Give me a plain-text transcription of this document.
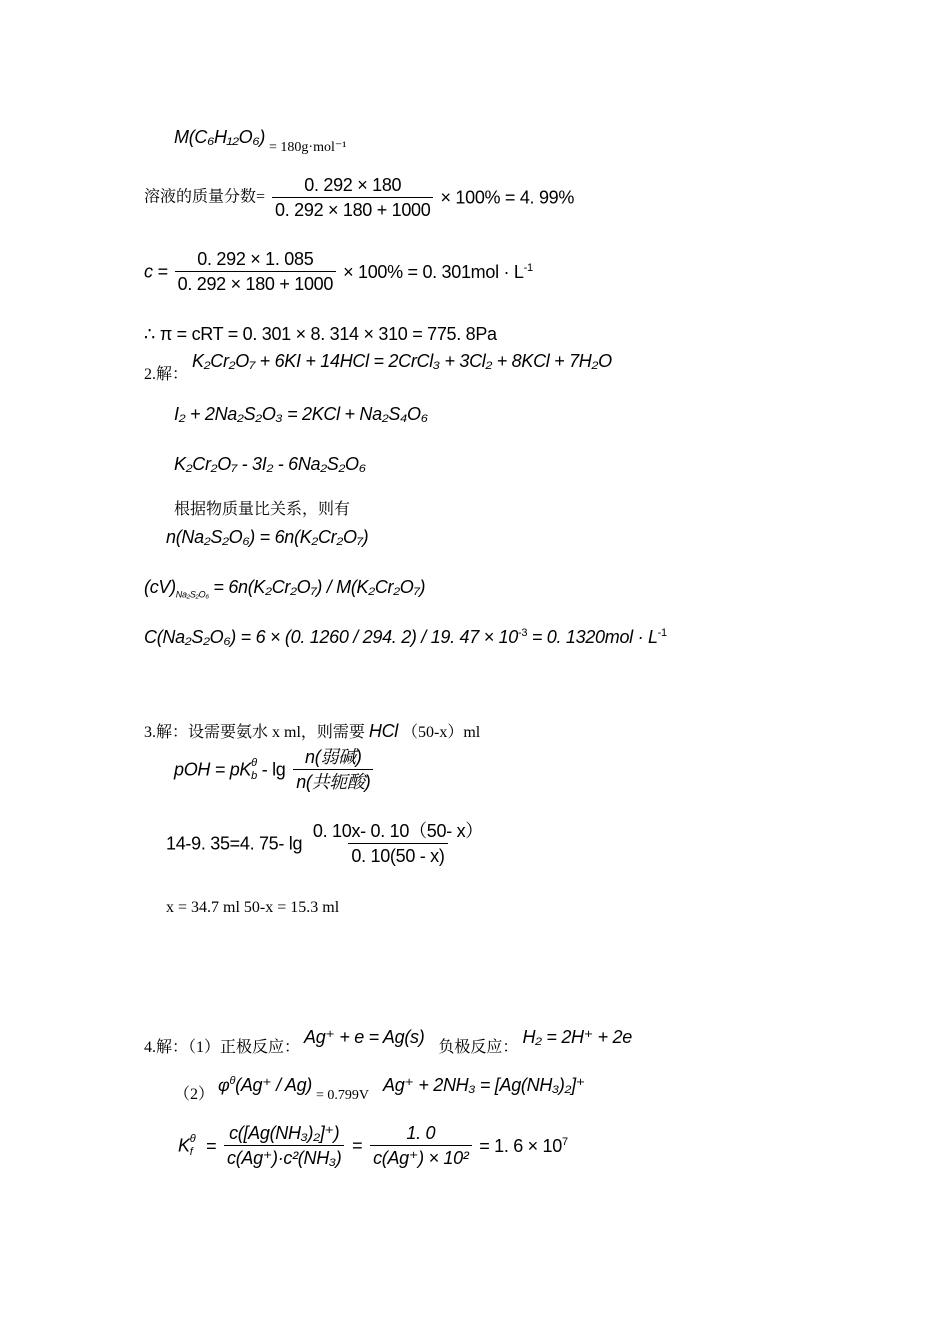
M(C₆H₁₂O₆) = 180g·mol⁻¹
溶液的质量分数= $\frac{0. 292 \times 180}{0. 292 \times 180 + 1000} \times 100\% = 4$. 99%
$c = \frac{0. 292 \times 1. 085}{0. 292 \times 180 + 1000} \times 100\% = 0$. $301mol \cdot L^{-1}$
∴ π = cRT = 0. 301 × 8. 314 × 310 = 775. 8Pa
2.解： K₂Cr₂O₇ + 6KI + 14HCl = 2CrCl₃ + 3Cl₂ + 8KCl + 7H₂O
I₂ + 2Na₂S₂O₃ = 2KCl + Na₂S₄O₆
K₂Cr₂O₇ - 3I₂ - 6Na₂S₂O₆
根据物质量比关系，则有
n(Na₂S₂O₆) = 6n(K₂Cr₂O₇)
$(cV)_{Na_2S_2O_6} = 6n(K_2Cr_2O_7) / M(K_2Cr_2O_7)$
C(Na₂S₂O₆) = 6 × (0. 1260 / 294. 2) / 19. $47 \times 10^{-3} = 0$. $1320mol \cdot L^{-1}$
3.解：设需要氨水 x ml，则需要 HCl （50-x）ml
pOH = pK θ
b - $\lg \frac{\text{n(弱碱)}}{\text{n(共轭酸)}}$
14-9. 35=4. 75- $\lg \frac{0. 10x- 0. 10(50- x)}{0. 10(50 - x)}$
x = 34.7 ml 50-x = 15.3 ml
4.解：（1）正极反应： Ag⁺ + e = Ag(s) 负极反应： H₂ = 2H⁺ + 2e
（2） $\varphi^\theta(Ag^+ / Ag) = 0.799V$ Ag⁺ + 2NH₃ = [Ag(NH₃)₂]⁺
K θ
$f = \frac{\text{c([Ag(NH₃)₂]⁺)}}{\text{c(Ag⁺)·c²(NH₃)}} = \frac{1. 0}{\text{c(Ag⁺) × 10²}} = 1$. $6 \times 10^7$
